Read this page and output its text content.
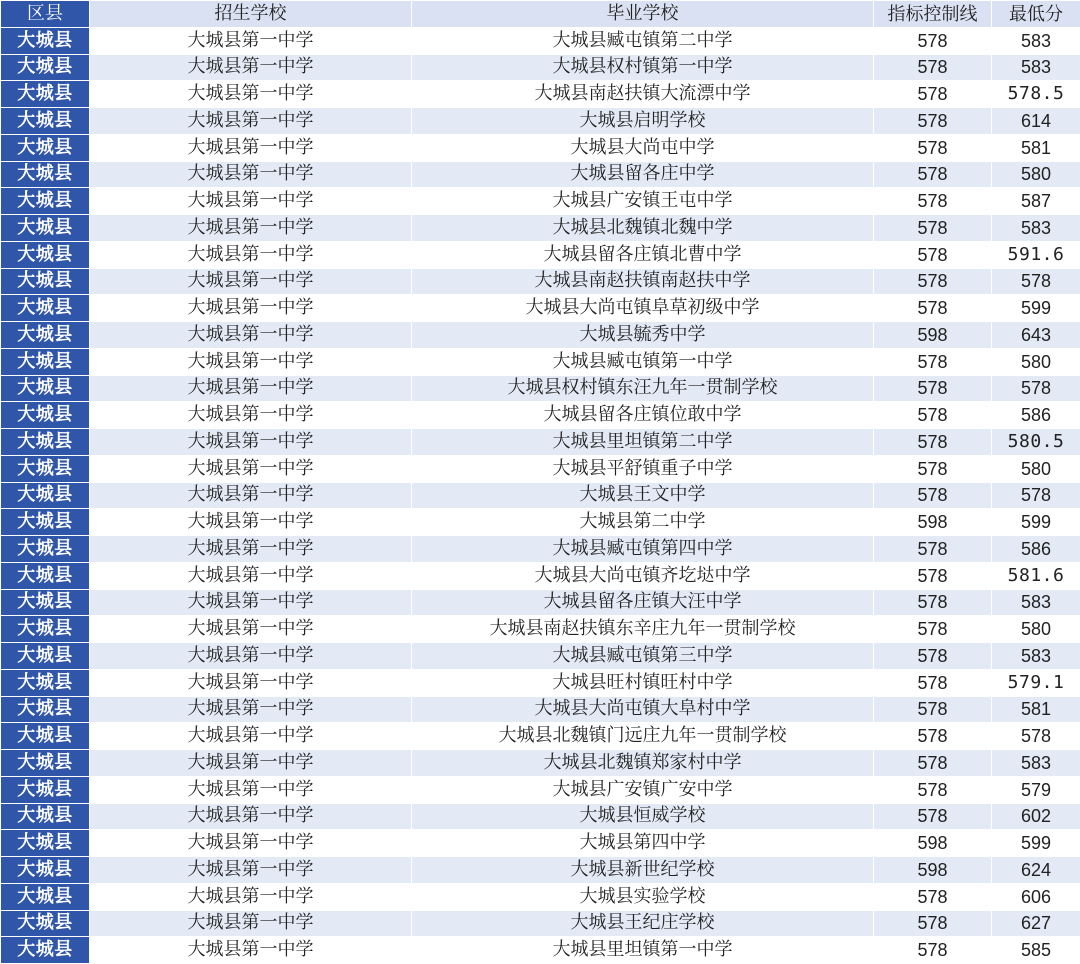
区县	招生学校	毕业学校	指标控制线	最低分
大城县	大城县第一中学	大城县臧屯镇第二中学	578	583
大城县	大城县第一中学	大城县权村镇第一中学	578	583
大城县	大城县第一中学	大城县南赵扶镇大流漂中学	578	578.5
大城县	大城县第一中学	大城县启明学校	578	614
大城县	大城县第一中学	大城县大尚屯中学	578	581
大城县	大城县第一中学	大城县留各庄中学	578	580
大城县	大城县第一中学	大城县广安镇王屯中学	578	587
大城县	大城县第一中学	大城县北魏镇北魏中学	578	583
大城县	大城县第一中学	大城县留各庄镇北曹中学	578	591.6
大城县	大城县第一中学	大城县南赵扶镇南赵扶中学	578	578
大城县	大城县第一中学	大城县大尚屯镇阜草初级中学	578	599
大城县	大城县第一中学	大城县毓秀中学	598	643
大城县	大城县第一中学	大城县臧屯镇第一中学	578	580
大城县	大城县第一中学	大城县权村镇东汪九年一贯制学校	578	578
大城县	大城县第一中学	大城县留各庄镇位敢中学	578	586
大城县	大城县第一中学	大城县里坦镇第二中学	578	580.5
大城县	大城县第一中学	大城县平舒镇重子中学	578	580
大城县	大城县第一中学	大城县王文中学	578	578
大城县	大城县第一中学	大城县第二中学	598	599
大城县	大城县第一中学	大城县臧屯镇第四中学	578	586
大城县	大城县第一中学	大城县大尚屯镇齐圪垯中学	578	581.6
大城县	大城县第一中学	大城县留各庄镇大汪中学	578	583
大城县	大城县第一中学	大城县南赵扶镇东辛庄九年一贯制学校	578	580
大城县	大城县第一中学	大城县臧屯镇第三中学	578	583
大城县	大城县第一中学	大城县旺村镇旺村中学	578	579.1
大城县	大城县第一中学	大城县大尚屯镇大阜村中学	578	581
大城县	大城县第一中学	大城县北魏镇门远庄九年一贯制学校	578	578
大城县	大城县第一中学	大城县北魏镇郑家村中学	578	583
大城县	大城县第一中学	大城县广安镇广安中学	578	579
大城县	大城县第一中学	大城县恒威学校	578	602
大城县	大城县第一中学	大城县第四中学	598	599
大城县	大城县第一中学	大城县新世纪学校	598	624
大城县	大城县第一中学	大城县实验学校	578	606
大城县	大城县第一中学	大城县王纪庄学校	578	627
大城县	大城县第一中学	大城县里坦镇第一中学	578	585
